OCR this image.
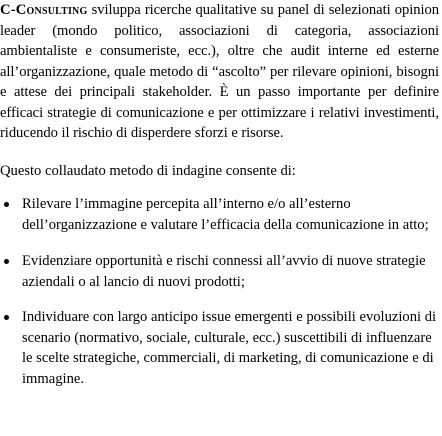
C-Consulting sviluppa ricerche qualitative su panel di selezionati opinion leader (mondo politico, associazioni di categoria, associazioni ambientaliste e consumeriste, ecc.), oltre che audit interne ed esterne all’organizzazione, quale metodo di “ascolto” per rilevare opinioni, bisogni e attese dei principali stakeholder. È un passo importante per definire efficaci strategie di comunicazione e per ottimizzare i relativi investimenti, riducendo il rischio di disperdere sforzi e risorse.

Questo collaudato metodo di indagine consente di:

Rilevare l’immagine percepita all’interno e/o all’esterno dell’organizzazione e valutare l’efficacia della comunicazione in atto;
Evidenziare opportunità e rischi connessi all’avvio di nuove strategie aziendali o al lancio di nuovi prodotti;
Individuare con largo anticipo issue emergenti e possibili evoluzioni di scenario (normativo, sociale, culturale, ecc.) suscettibili di influenzare le scelte strategiche, commerciali, di marketing, di comunicazione e di immagine.
